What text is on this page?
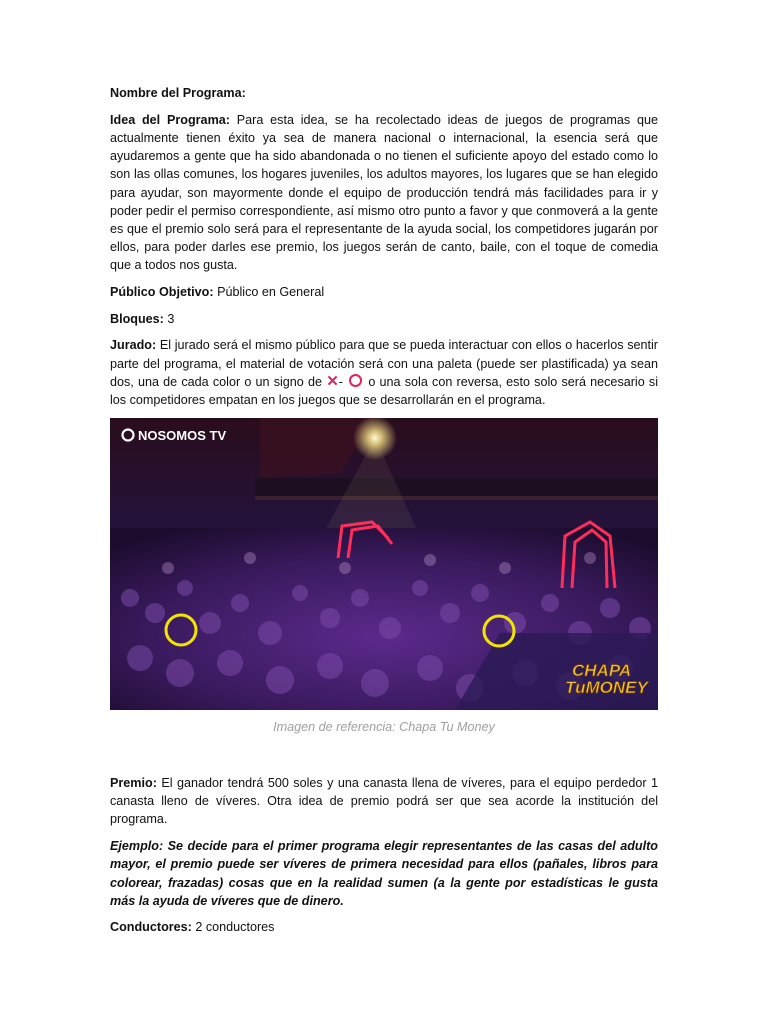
Nombre del Programa:

Idea del Programa: Para esta idea, se ha recolectado ideas de juegos de programas que actualmente tienen éxito ya sea de manera nacional o internacional, la esencia será que ayudaremos a gente que ha sido abandonada o no tienen el suficiente apoyo del estado como lo son las ollas comunes, los hogares juveniles, los adultos mayores, los lugares que se han elegido para ayudar, son mayormente donde el equipo de producción tendrá más facilidades para ir y poder pedir el permiso correspondiente, así mismo otro punto a favor y que conmoverá a la gente es que el premio solo será para el representante de la ayuda social, los competidores jugarán por ellos, para poder darles ese premio, los juegos serán de canto, baile, con el toque de comedia que a todos nos gusta.

Público Objetivo: Público en General

Bloques: 3

Jurado: El jurado será el mismo público para que se pueda interactuar con ellos o hacerlos sentir parte del programa, el material de votación será con una paleta (puede ser plastificada) ya sean dos, una de cada color o un signo de ✕- ○ o una sola con reversa, esto solo será necesario si los competidores empatan en los juegos que se desarrollarán en el programa.

NOSOMOS TV
CHAPA
TuMONEY
Imagen de referencia: Chapa Tu Money

Premio: El ganador tendrá 500 soles y una canasta llena de víveres, para el equipo perdedor 1 canasta lleno de víveres. Otra idea de premio podrá ser que sea acorde la institución del programa.

Ejemplo: Se decide para el primer programa elegir representantes de las casas del adulto mayor, el premio puede ser víveres de primera necesidad para ellos (pañales, libros para colorear, frazadas) cosas que en la realidad sumen (a la gente por estadísticas le gusta más la ayuda de víveres que de dinero.

Conductores: 2 conductores
